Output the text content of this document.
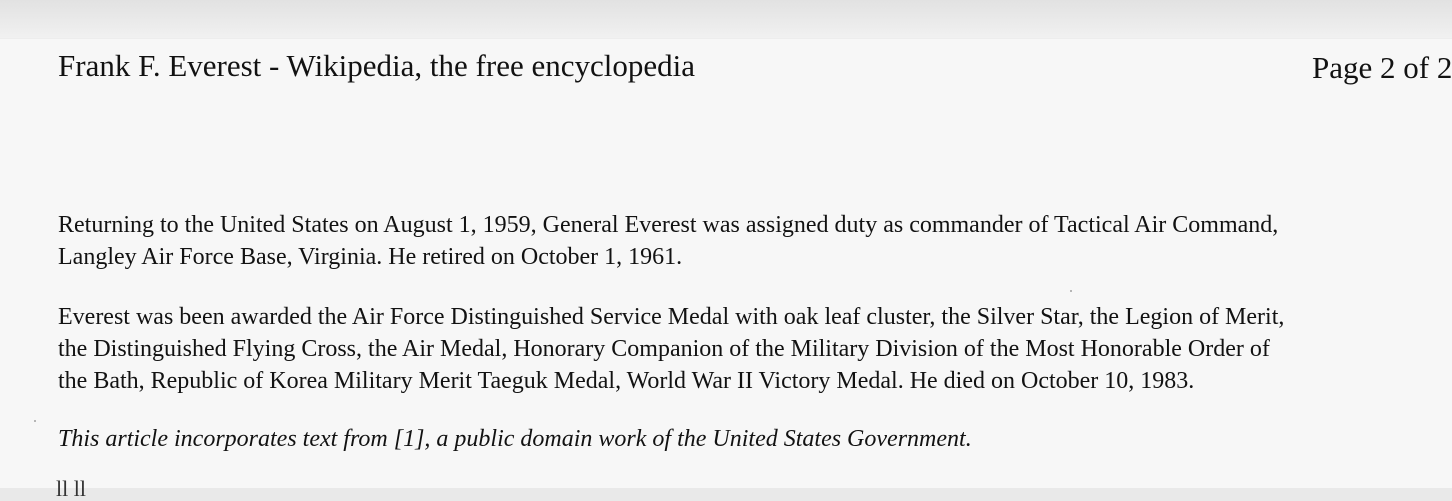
Frank F. Everest - Wikipedia, the free encyclopedia	Page 2 of 2
Returning to the United States on August 1, 1959, General Everest was assigned duty as commander of Tactical Air Command,
Langley Air Force Base, Virginia. He retired on October 1, 1961.
Everest was been awarded the Air Force Distinguished Service Medal with oak leaf cluster, the Silver Star, the Legion of Merit,
the Distinguished Flying Cross, the Air Medal, Honorary Companion of the Military Division of the Most Honorable Order of
the Bath, Republic of Korea Military Merit Taeguk Medal, World War II Victory Medal. He died on October 10, 1983.
This article incorporates text from [1], a public domain work of the United States Government.
ll ll
